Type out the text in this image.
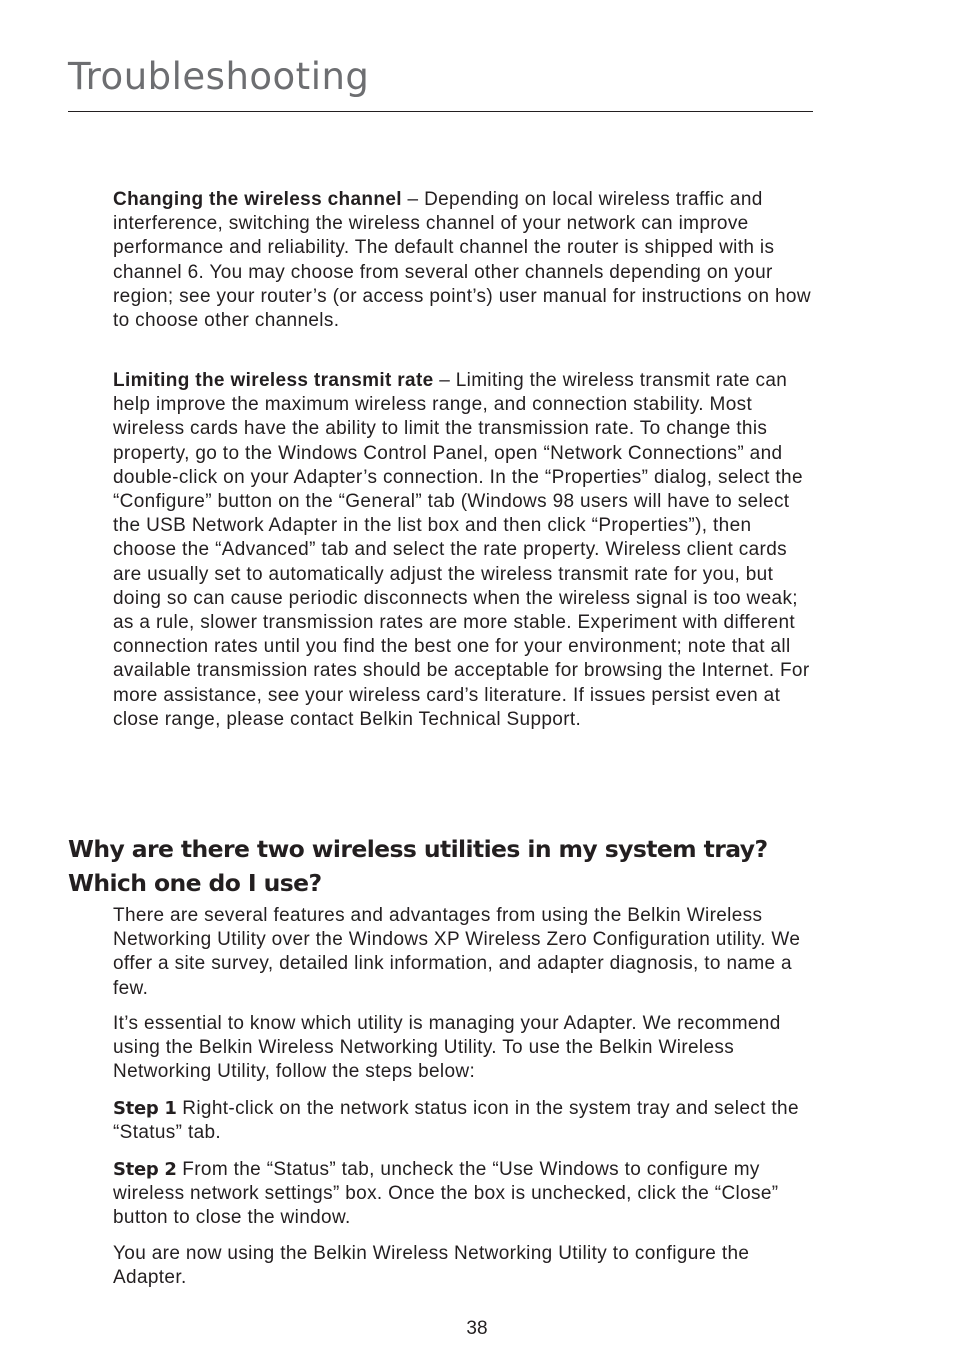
Troubleshooting

Changing the wireless channel – Depending on local wireless traffic and interference, switching the wireless channel of your network can improve performance and reliability. The default channel the router is shipped with is channel 6. You may choose from several other channels depending on your region; see your router’s (or access point’s) user manual for instructions on how to choose other channels.

Limiting the wireless transmit rate – Limiting the wireless transmit rate can help improve the maximum wireless range, and connection stability. Most wireless cards have the ability to limit the transmission rate. To change this property, go to the Windows Control Panel, open “Network Connections” and double-click on your Adapter’s connection. In the “Properties” dialog, select the “Configure” button on the “General” tab (Windows 98 users will have to select the USB Network Adapter in the list box and then click “Properties”), then choose the “Advanced” tab and select the rate property. Wireless client cards are usually set to automatically adjust the wireless transmit rate for you, but doing so can cause periodic disconnects when the wireless signal is too weak; as a rule, slower transmission rates are more stable. Experiment with different connection rates until you find the best one for your environment; note that all available transmission rates should be acceptable for browsing the Internet. For more assistance, see your wireless card’s literature. If issues persist even at close range, please contact Belkin Technical Support.

Why are there two wireless utilities in my system tray?
Which one do I use?

There are several features and advantages from using the Belkin Wireless Networking Utility over the Windows XP Wireless Zero Configuration utility. We offer a site survey, detailed link information, and adapter diagnosis, to name a few.

It’s essential to know which utility is managing your Adapter. We recommend using the Belkin Wireless Networking Utility. To use the Belkin Wireless Networking Utility, follow the steps below:

Step 1 Right-click on the network status icon in the system tray and select the “Status” tab.

Step 2 From the “Status” tab, uncheck the “Use Windows to configure my wireless network settings” box. Once the box is unchecked, click the “Close” button to close the window.

You are now using the Belkin Wireless Networking Utility to configure the Adapter.

38
